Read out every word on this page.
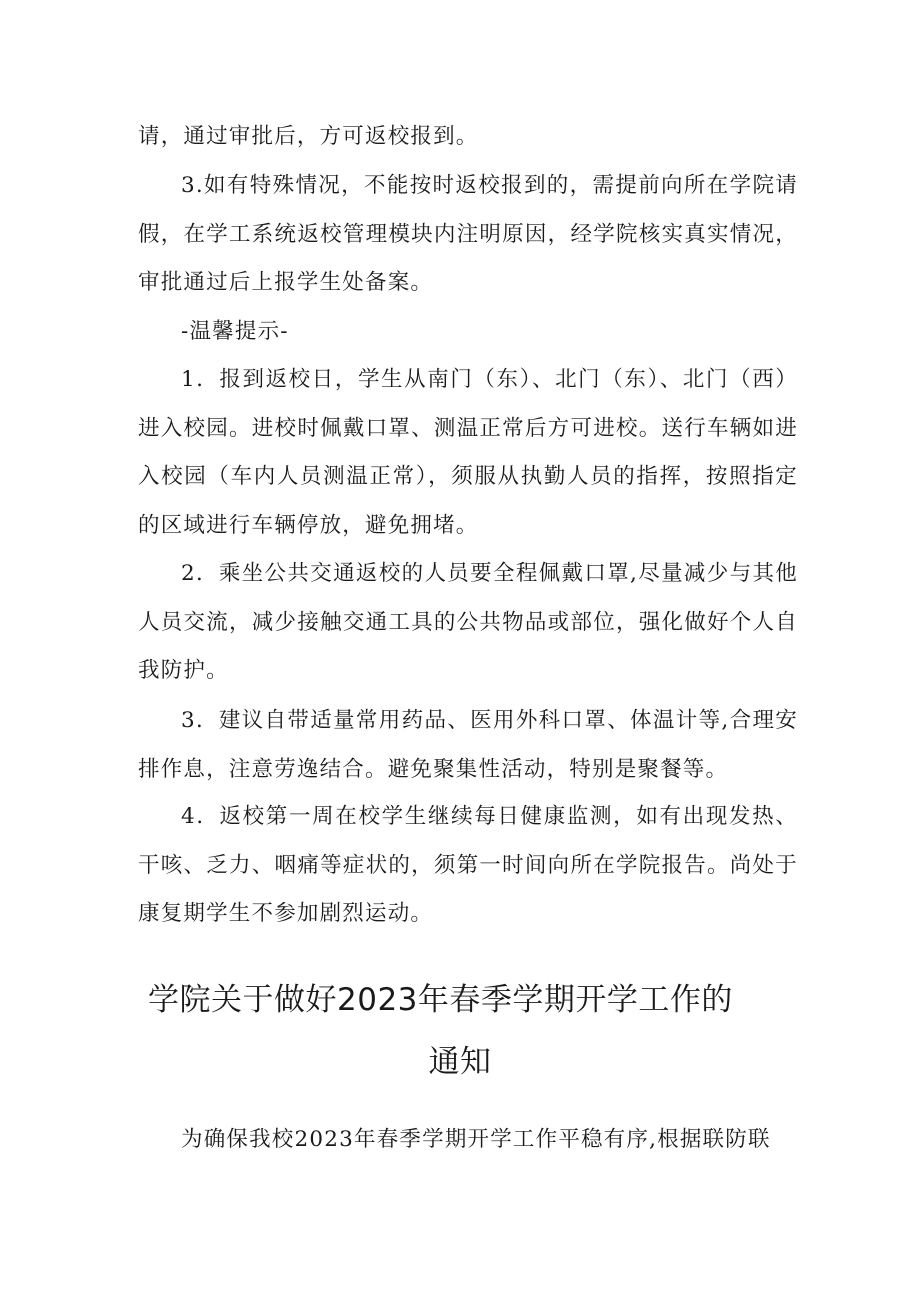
请，通过审批后，方可返校报到。

3.如有特殊情况，不能按时返校报到的，需提前向所在学院请假，在学工系统返校管理模块内注明原因，经学院核实真实情况，审批通过后上报学生处备案。

-温馨提示-

1．报到返校日，学生从南门（东）、北门（东）、北门（西）进入校园。进校时佩戴口罩、测温正常后方可进校。送行车辆如进入校园（车内人员测温正常），须服从执勤人员的指挥，按照指定的区域进行车辆停放，避免拥堵。

2．乘坐公共交通返校的人员要全程佩戴口罩,尽量减少与其他人员交流，减少接触交通工具的公共物品或部位，强化做好个人自我防护。

3．建议自带适量常用药品、医用外科口罩、体温计等,合理安排作息，注意劳逸结合。避免聚集性活动，特别是聚餐等。

4．返校第一周在校学生继续每日健康监测，如有出现发热、干咳、乏力、咽痛等症状的，须第一时间向所在学院报告。尚处于康复期学生不参加剧烈运动。

学院关于做好2023年春季学期开学工作的
通知

为确保我校2023年春季学期开学工作平稳有序,根据联防联
